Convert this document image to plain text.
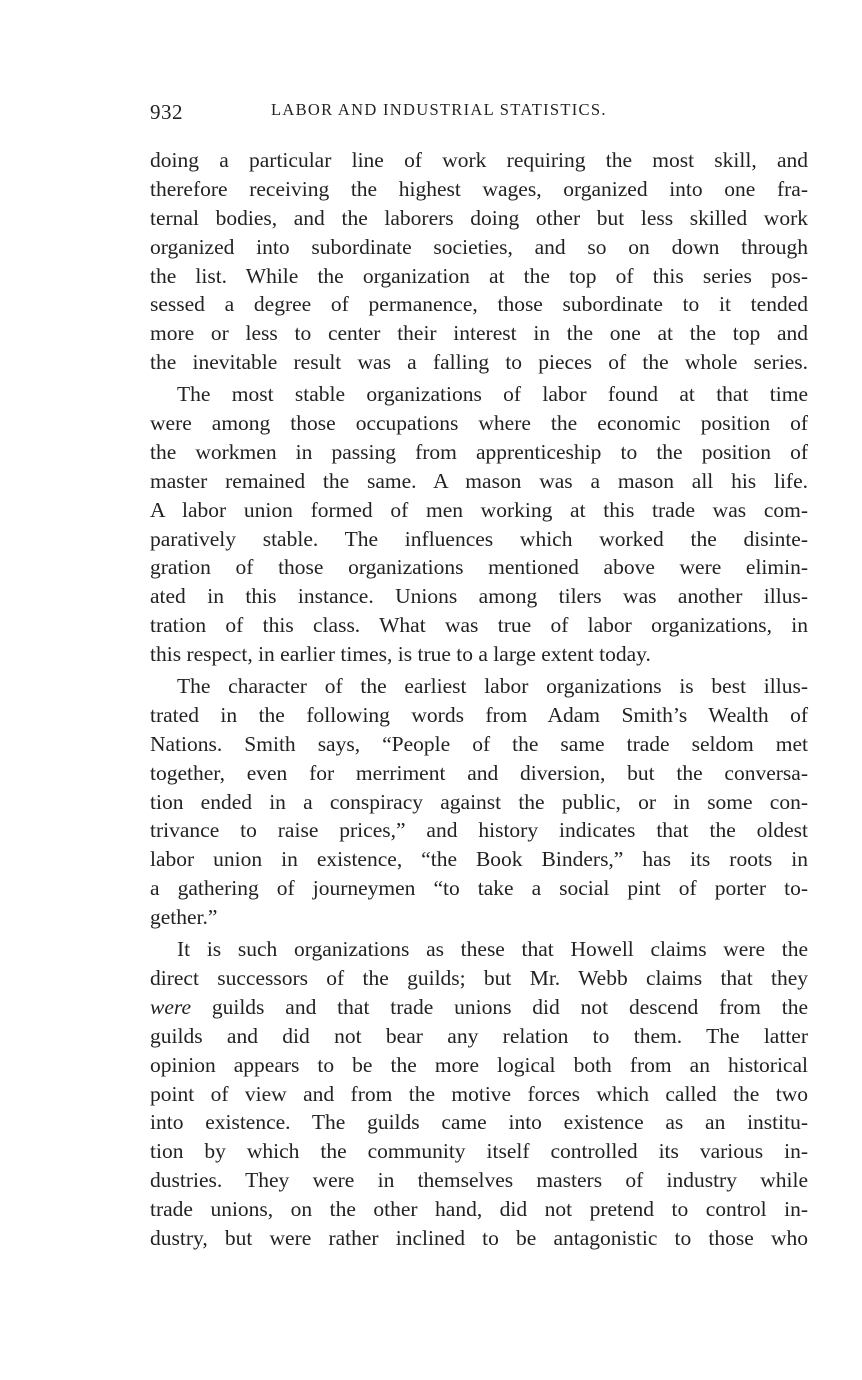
932	LABOR AND INDUSTRIAL STATISTICS.
doing a particular line of work requiring the most skill, and
therefore receiving the highest wages, organized into one fra-
ternal bodies, and the laborers doing other but less skilled work
organized into subordinate societies, and so on down through
the list. While the organization at the top of this series pos-
sessed a degree of permanence, those subordinate to it tended
more or less to center their interest in the one at the top and
the inevitable result was a falling to pieces of the whole series.
The most stable organizations of labor found at that time
were among those occupations where the economic position of
the workmen in passing from apprenticeship to the position of
master remained the same. A mason was a mason all his life.
A labor union formed of men working at this trade was com-
paratively stable. The influences which worked the disinte-
gration of those organizations mentioned above were elimin-
ated in this instance. Unions among tilers was another illus-
tration of this class. What was true of labor organizations, in
this respect, in earlier times, is true to a large extent today.
The character of the earliest labor organizations is best illus-
trated in the following words from Adam Smith’s Wealth of
Nations. Smith says, “People of the same trade seldom met
together, even for merriment and diversion, but the conversa-
tion ended in a conspiracy against the public, or in some con-
trivance to raise prices,” and history indicates that the oldest
labor union in existence, “the Book Binders,” has its roots in
a gathering of journeymen “to take a social pint of porter to-
gether.”
It is such organizations as these that Howell claims were the
direct successors of the guilds; but Mr. Webb claims that they
were guilds and that trade unions did not descend from the
guilds and did not bear any relation to them. The latter
opinion appears to be the more logical both from an historical
point of view and from the motive forces which called the two
into existence. The guilds came into existence as an institu-
tion by which the community itself controlled its various in-
dustries. They were in themselves masters of industry while
trade unions, on the other hand, did not pretend to control in-
dustry, but were rather inclined to be antagonistic to those who
